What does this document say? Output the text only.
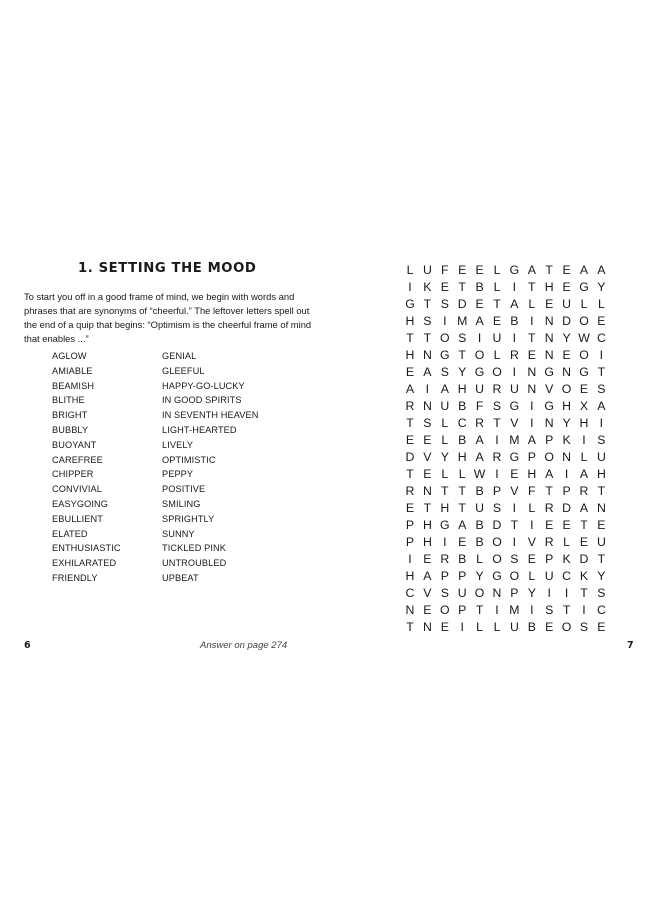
1. SETTING THE MOOD

To start you off in a good frame of mind, we begin with words and phrases that are synonyms of “cheerful.” The leftover letters spell out the end of a quip that begins: “Optimism is the cheerful frame of mind that enables ...”

AGLOW
AMIABLE
BEAMISH
BLITHE
BRIGHT
BUBBLY
BUOYANT
CAREFREE
CHIPPER
CONVIVIAL
EASYGOING
EBULLIENT
ELATED
ENTHUSIASTIC
EXHILARATED
FRIENDLY
GENIAL
GLEEFUL
HAPPY-GO-LUCKY
IN GOOD SPIRITS
IN SEVENTH HEAVEN
LIGHT-HEARTED
LIVELY
OPTIMISTIC
PEPPY
POSITIVE
SMILING
SPRIGHTLY
SUNNY
TICKLED PINK
UNTROUBLED
UPBEAT
6	Answer on page 274
L U F E E L G A T E A A
I K E T B L I T H E G Y
G T S D E T A L E U L L
H S I M A E B I N D O E
T T O S I U I T N Y W C
H N G T O L R E N E O I
E A S Y G O I N G N G T
A I A H U R U N V O E S
R N U B F S G I G H X A
T S L C R T V I N Y H I
E E L B A I M A P K I S
D V Y H A R G P O N L U
T E L L W I E H A I A H
R N T T B P V F T P R T
E T H T U S I L R D A N
P H G A B D T I E E T E
P H I E B O I V R L E U
I E R B L O S E P K D T
H A P P Y G O L U C K Y
C V S U O N P Y I	I T S
N E O P T I M I S T I C
T N E I L L U B E O S E
7
